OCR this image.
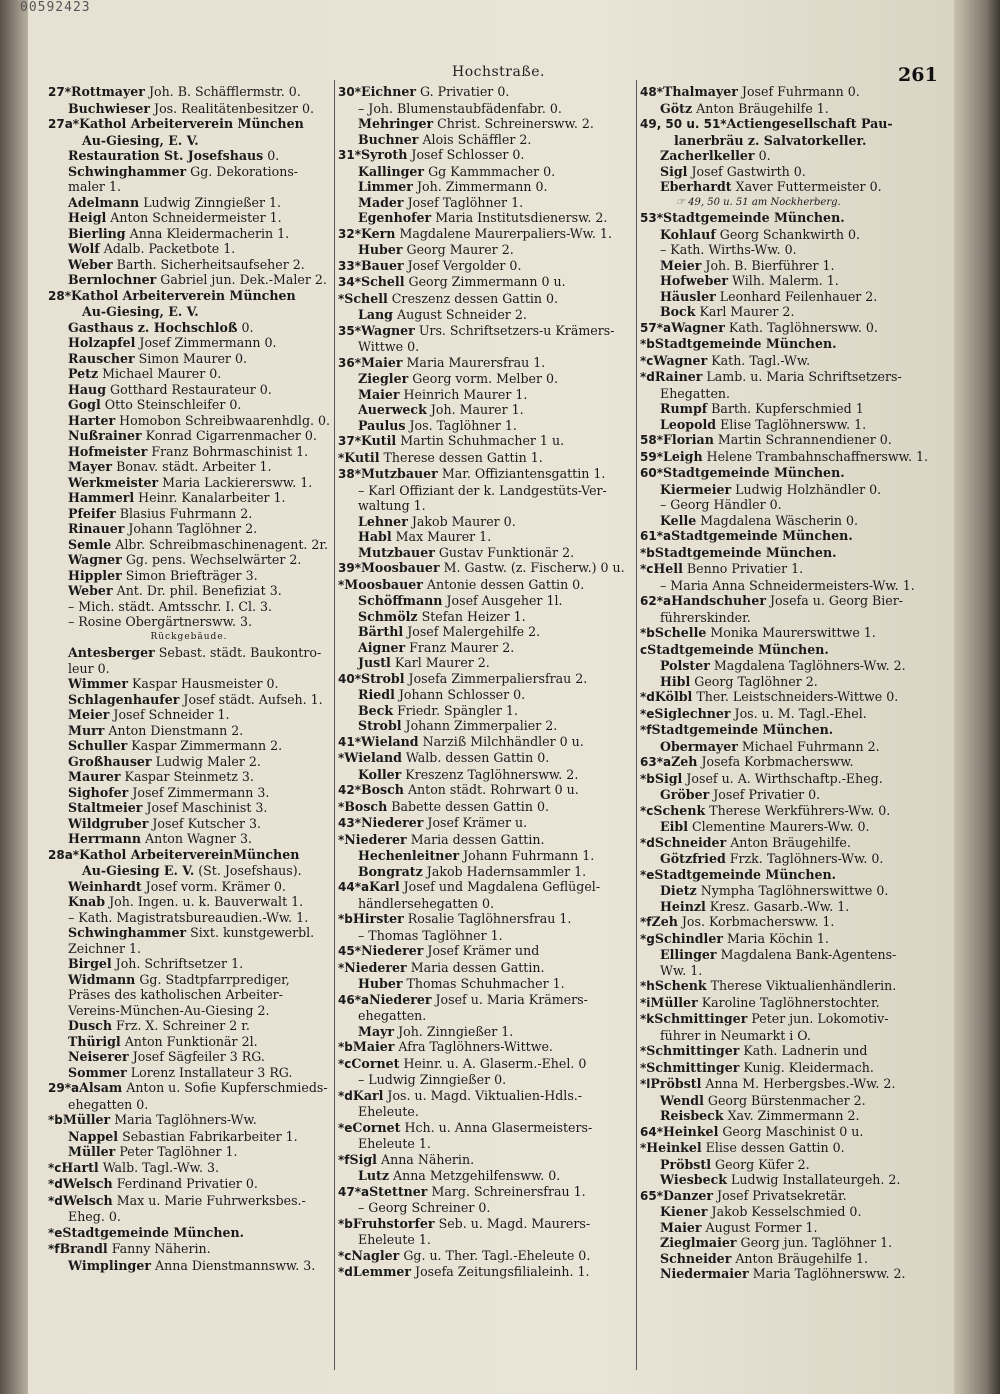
00592423
Hochstraße.	261
27*Rottmayer Joh. B. Schäfflermstr. 0.
Buchwieser Jos. Realitätenbesitzer 0.
27a*Kathol Arbeiterverein München
Au-Giesing, E. V.
Restauration St. Josefshaus 0.
Schwinghammer Gg. Dekorations-
maler 1.
Adelmann Ludwig Zinngießer 1.
Heigl Anton Schneidermeister 1.
Bierling Anna Kleidermacherin 1.
Wolf Adalb. Packetbote 1.
Weber Barth. Sicherheitsaufseher 2.
Bernlochner Gabriel jun. Dek.-Maler 2.
28*Kathol Arbeiterverein München
Au-Giesing, E. V.
Gasthaus z. Hochschloß 0.
Holzapfel Josef Zimmermann 0.
Rauscher Simon Maurer 0.
Petz Michael Maurer 0.
Haug Gotthard Restaurateur 0.
Gogl Otto Steinschleifer 0.
Harter Homobon Schreibwaarenhdlg. 0.
Nußrainer Konrad Cigarrenmacher 0.
Hofmeister Franz Bohrmaschinist 1.
Mayer Bonav. städt. Arbeiter 1.
Werkmeister Maria Lackierersww. 1.
Hammerl Heinr. Kanalarbeiter 1.
Pfeifer Blasius Fuhrmann 2.
Rinauer Johann Taglöhner 2.
Semle Albr. Schreibmaschinenagent. 2r.
Wagner Gg. pens. Wechselwärter 2.
Hippler Simon Briefträger 3.
Weber Ant. Dr. phil. Benefiziat 3.
– Mich. städt. Amtsschr. I. Cl. 3.
– Rosine Obergärtnersww. 3.
Rückgebäude.
Antesberger Sebast. städt. Baukontro-
leur 0.
Wimmer Kaspar Hausmeister 0.
Schlagenhaufer Josef städt. Aufseh. 1.
Meier Josef Schneider 1.
Murr Anton Dienstmann 2.
Schuller Kaspar Zimmermann 2.
Großhauser Ludwig Maler 2.
Maurer Kaspar Steinmetz 3.
Sighofer Josef Zimmermann 3.
Staltmeier Josef Maschinist 3.
Wildgruber Josef Kutscher 3.
Herrmann Anton Wagner 3.
28a*Kathol ArbeitervereinMünchen
Au-Giesing E. V. (St. Josefshaus).
Weinhardt Josef vorm. Krämer 0.
Knab Joh. Ingen. u. k. Bauverwalt 1.
– Kath. Magistratsbureaudien.-Ww. 1.
Schwinghammer Sixt. kunstgewerbl.
Zeichner 1.
Birgel Joh. Schriftsetzer 1.
Widmann Gg. Stadtpfarrprediger,
Präses des katholischen Arbeiter-
Vereins-München-Au-Giesing 2.
Dusch Frz. X. Schreiner 2 r.
Thürigl Anton Funktionär 2l.
Neiserer Josef Sägfeiler 3 RG.
Sommer Lorenz Installateur 3 RG.
29*aAlsam Anton u. Sofie Kupferschmieds-
ehegatten 0.
*bMüller Maria Taglöhners-Ww.
Nappel Sebastian Fabrikarbeiter 1.
Müller Peter Taglöhner 1.
*cHartl Walb. Tagl.-Ww. 3.
*dWelsch Ferdinand Privatier 0.
*dWelsch Max u. Marie Fuhrwerksbes.-
Eheg. 0.
*eStadtgemeinde München.
*fBrandl Fanny Näherin.
Wimplinger Anna Dienstmannsww. 3.
30*Eichner G. Privatier 0.
– Joh. Blumenstaubfädenfabr. 0.
Mehringer Christ. Schreinersww. 2.
Buchner Alois Schäffler 2.
31*Syroth Josef Schlosser 0.
Kallinger Gg Kammmacher 0.
Limmer Joh. Zimmermann 0.
Mader Josef Taglöhner 1.
Egenhofer Maria Institutsdienersw. 2.
32*Kern Magdalene Maurerpaliers-Ww. 1.
Huber Georg Maurer 2.
33*Bauer Josef Vergolder 0.
34*Schell Georg Zimmermann 0 u.
*Schell Creszenz dessen Gattin 0.
Lang August Schneider 2.
35*Wagner Urs. Schriftsetzers-u Krämers-
Wittwe 0.
36*Maier Maria Maurersfrau 1.
Ziegler Georg vorm. Melber 0.
Maier Heinrich Maurer 1.
Auerweck Joh. Maurer 1.
Paulus Jos. Taglöhner 1.
37*Kutil Martin Schuhmacher 1 u.
*Kutil Therese dessen Gattin 1.
38*Mutzbauer Mar. Offiziantensgattin 1.
– Karl Offiziant der k. Landgestüts-Ver-
waltung 1.
Lehner Jakob Maurer 0.
Habl Max Maurer 1.
Mutzbauer Gustav Funktionär 2.
39*Moosbauer M. Gastw. (z. Fischerw.) 0 u.
*Moosbauer Antonie dessen Gattin 0.
Schöffmann Josef Ausgeher 1l.
Schmölz Stefan Heizer 1.
Bärthl Josef Malergehilfe 2.
Aigner Franz Maurer 2.
Justl Karl Maurer 2.
40*Strobl Josefa Zimmerpaliersfrau 2.
Riedl Johann Schlosser 0.
Beck Friedr. Spängler 1.
Strobl Johann Zimmerpalier 2.
41*Wieland Narziß Milchhändler 0 u.
*Wieland Walb. dessen Gattin 0.
Koller Kreszenz Taglöhnersww. 2.
42*Bosch Anton städt. Rohrwart 0 u.
*Bosch Babette dessen Gattin 0.
43*Niederer Josef Krämer u.
*Niederer Maria dessen Gattin.
Hechenleitner Johann Fuhrmann 1.
Bongratz Jakob Hadernsammler 1.
44*aKarl Josef und Magdalena Geflügel-
händlersehegatten 0.
*bHirster Rosalie Taglöhnersfrau 1.
– Thomas Taglöhner 1.
45*Niederer Josef Krämer und
*Niederer Maria dessen Gattin.
Huber Thomas Schuhmacher 1.
46*aNiederer Josef u. Maria Krämers-
ehegatten.
Mayr Joh. Zinngießer 1.
*bMaier Afra Taglöhners-Wittwe.
*cCornet Heinr. u. A. Glaserm.-Ehel. 0
– Ludwig Zinngießer 0.
*dKarl Jos. u. Magd. Viktualien-Hdls.-
Eheleute.
*eCornet Hch. u. Anna Glasermeisters-
Eheleute 1.
*fSigl Anna Näherin.
Lutz Anna Metzgehilfensww. 0.
47*aStettner Marg. Schreinersfrau 1.
– Georg Schreiner 0.
*bFruhstorfer Seb. u. Magd. Maurers-
Eheleute 1.
*cNagler Gg. u. Ther. Tagl.-Eheleute 0.
*dLemmer Josefa Zeitungsfilialeinh. 1.
48*Thalmayer Josef Fuhrmann 0.
Götz Anton Bräugehilfe 1.
49, 50 u. 51*Actiengesellschaft Pau-
lanerbräu z. Salvatorkeller.
Zacherlkeller 0.
Sigl Josef Gastwirth 0.
Eberhardt Xaver Futtermeister 0.
☞ 49, 50 u. 51 am Nockherberg.
53*Stadtgemeinde München.
Kohlauf Georg Schankwirth 0.
– Kath. Wirths-Ww. 0.
Meier Joh. B. Bierführer 1.
Hofweber Wilh. Malerm. 1.
Häusler Leonhard Feilenhauer 2.
Bock Karl Maurer 2.
57*aWagner Kath. Taglöhnersww. 0.
*bStadtgemeinde München.
*cWagner Kath. Tagl.-Ww.
*dRainer Lamb. u. Maria Schriftsetzers-
Ehegatten.
Rumpf Barth. Kupferschmied 1
Leopold Elise Taglöhnersww. 1.
58*Florian Martin Schrannendiener 0.
59*Leigh Helene Trambahnschaffnersww. 1.
60*Stadtgemeinde München.
Kiermeier Ludwig Holzhändler 0.
– Georg Händler 0.
Kelle Magdalena Wäscherin 0.
61*aStadtgemeinde München.
*bStadtgemeinde München.
*cHell Benno Privatier 1.
– Maria Anna Schneidermeisters-Ww. 1.
62*aHandschuher Josefa u. Georg Bier-
führerskinder.
*bSchelle Monika Maurerswittwe 1.
cStadtgemeinde München.
Polster Magdalena Taglöhners-Ww. 2.
Hibl Georg Taglöhner 2.
*dKölbl Ther. Leistschneiders-Wittwe 0.
*eSiglechner Jos. u. M. Tagl.-Ehel.
*fStadtgemeinde München.
Obermayer Michael Fuhrmann 2.
63*aZeh Josefa Korbmachersww.
*bSigl Josef u. A. Wirthschaftp.-Eheg.
Gröber Josef Privatier 0.
*cSchenk Therese Werkführers-Ww. 0.
Eibl Clementine Maurers-Ww. 0.
*dSchneider Anton Bräugehilfe.
Götzfried Frzk. Taglöhners-Ww. 0.
*eStadtgemeinde München.
Dietz Nympha Taglöhnerswittwe 0.
Heinzl Kresz. Gasarb.-Ww. 1.
*fZeh Jos. Korbmachersww. 1.
*gSchindler Maria Köchin 1.
Ellinger Magdalena Bank-Agentens-
Ww. 1.
*hSchenk Therese Viktualienhändlerin.
*iMüller Karoline Taglöhnerstochter.
*kSchmittinger Peter jun. Lokomotiv-
führer in Neumarkt i O.
*Schmittinger Kath. Ladnerin und
*Schmittinger Kunig. Kleidermach.
*lPröbstl Anna M. Herbergsbes.-Ww. 2.
Wendl Georg Bürstenmacher 2.
Reisbeck Xav. Zimmermann 2.
64*Heinkel Georg Maschinist 0 u.
*Heinkel Elise dessen Gattin 0.
Pröbstl Georg Küfer 2.
Wiesbeck Ludwig Installateurgeh. 2.
65*Danzer Josef Privatsekretär.
Kiener Jakob Kesselschmied 0.
Maier August Former 1.
Zieglmaier Georg jun. Taglöhner 1.
Schneider Anton Bräugehilfe 1.
Niedermaier Maria Taglöhnersww. 2.
